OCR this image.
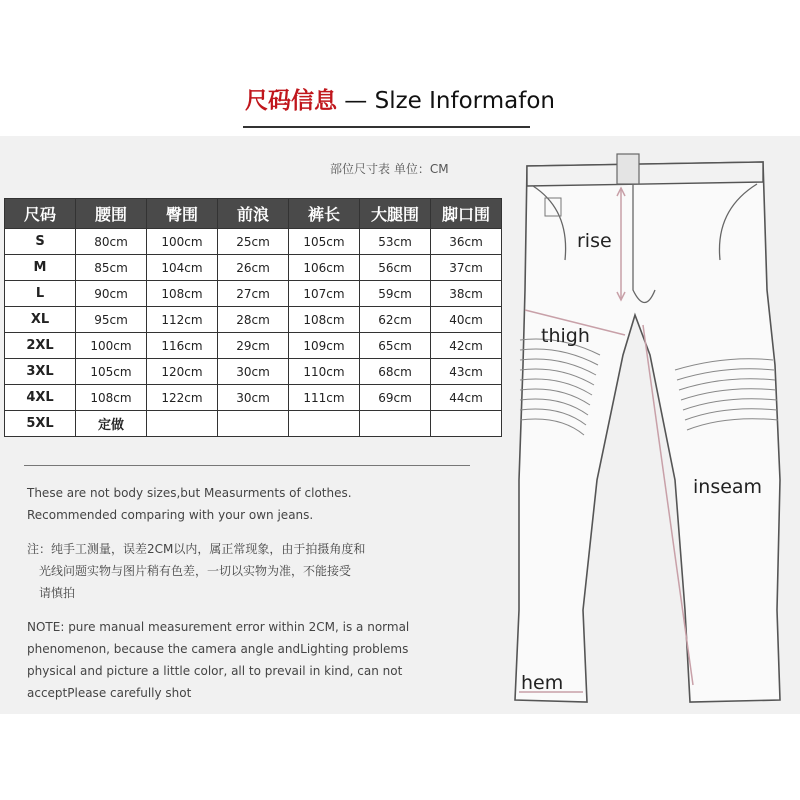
尺码信息 — Slze Informafon
部位尺寸表 单位：CM
尺码	腰围	臀围	前浪	裤长	大腿围	脚口围
S	80cm	100cm	25cm	105cm	53cm	36cm
M	85cm	104cm	26cm	106cm	56cm	37cm
L	90cm	108cm	27cm	107cm	59cm	38cm
XL	95cm	112cm	28cm	108cm	62cm	40cm
2XL	100cm	116cm	29cm	109cm	65cm	42cm
3XL	105cm	120cm	30cm	110cm	68cm	43cm
4XL	108cm	122cm	30cm	111cm	69cm	44cm
5XL	定做					
These are not body sizes,but Measurments of clothes.
Recommended comparing with your own jeans.
注：纯手工测量，误差2CM以内，属正常现象，由于拍摄角度和
光线问题实物与图片稍有色差，一切以实物为准，不能接受
请慎拍
NOTE: pure manual measurement error within 2CM, is a normal
phenomenon, because the camera angle andLighting problems
physical and picture a little color, all to prevail in kind, can not
acceptPlease carefully shot
rise
thigh
inseam
hem
